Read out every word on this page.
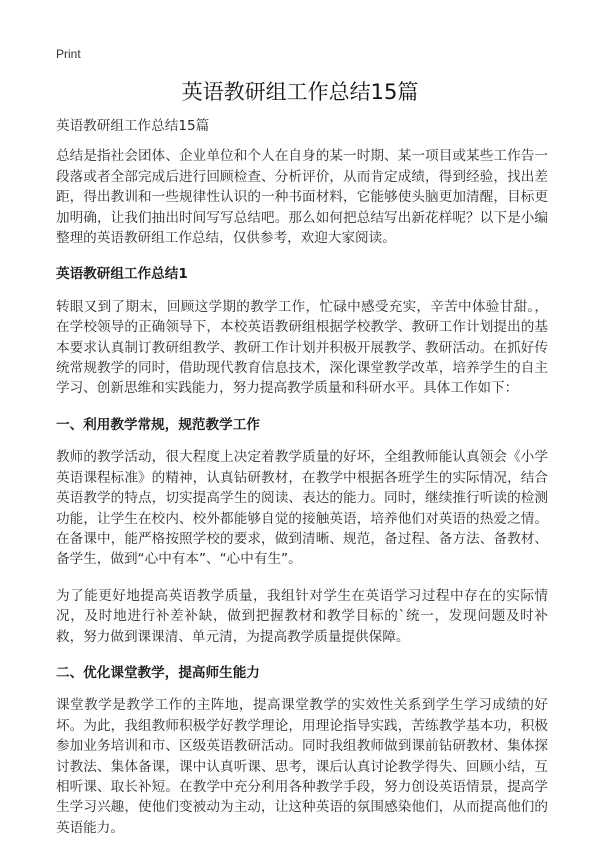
Print
英语教研组工作总结15篇

英语教研组工作总结15篇

总结是指社会团体、企业单位和个人在自身的某一时期、某一项目或某些工作告一段落或者全部完成后进行回顾检查、分析评价，从而肯定成绩，得到经验，找出差距，得出教训和一些规律性认识的一种书面材料，它能够使头脑更加清醒，目标更加明确，让我们抽出时间写写总结吧。那么如何把总结写出新花样呢？以下是小编整理的英语教研组工作总结，仅供参考，欢迎大家阅读。

英语教研组工作总结1

转眼又到了期末，回顾这学期的教学工作，忙碌中感受充实，辛苦中体验甘甜。，在学校领导的正确领导下，本校英语教研组根据学校教学、教研工作计划提出的基本要求认真制订教研组教学、教研工作计划并积极开展教学、教研活动。在抓好传统常规教学的同时，借助现代教育信息技术，深化课堂教学改革，培养学生的自主学习、创新思维和实践能力，努力提高教学质量和科研水平。具体工作如下：

一、利用教学常规，规范教学工作

教师的教学活动，很大程度上决定着教学质量的好坏，全组教师能认真领会《小学英语课程标准》的精神，认真钻研教材，在教学中根据各班学生的实际情况，结合英语教学的特点，切实提高学生的阅读、表达的能力。同时，继续推行听读的检测功能，让学生在校内、校外都能够自觉的接触英语，培养他们对英语的热爱之情。在备课中，能严格按照学校的要求，做到清晰、规范，备过程、备方法、备教材、备学生，做到“心中有本”、“心中有生”。

为了能更好地提高英语教学质量，我组针对学生在英语学习过程中存在的实际情况，及时地进行补差补缺，做到把握教材和教学目标的`统一，发现问题及时补救，努力做到课课清、单元清，为提高教学质量提供保障。

二、优化课堂教学，提高师生能力

课堂教学是教学工作的主阵地，提高课堂教学的实效性关系到学生学习成绩的好坏。为此，我组教师积极学好教学理论，用理论指导实践，苦练教学基本功，积极参加业务培训和市、区级英语教研活动。同时我组教师做到课前钻研教材、集体探讨教法、集体备课，课中认真听课、思考，课后认真讨论教学得失、回顾小结，互相听课、取长补短。在教学中充分利用各种教学手段，努力创设英语情景，提高学生学习兴趣，使他们变被动为主动，让这种英语的氛围感染他们，从而提高他们的英语能力。
